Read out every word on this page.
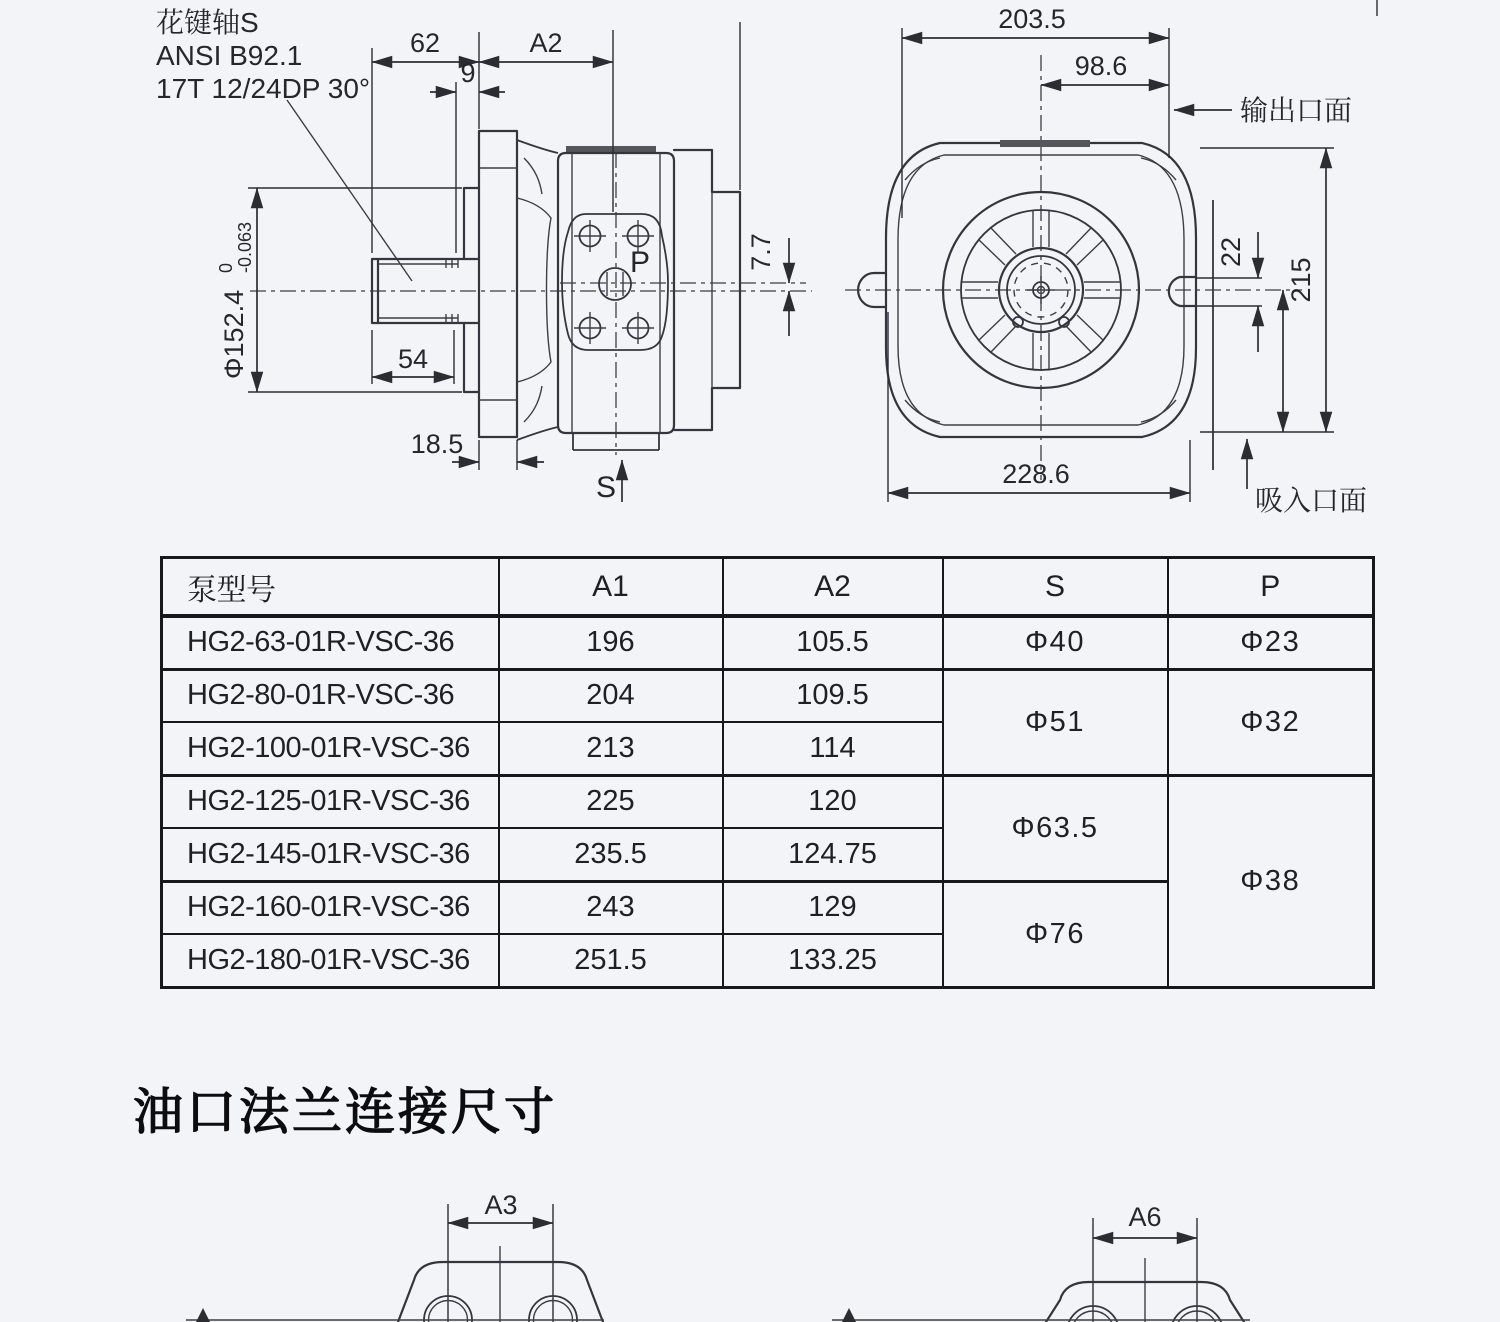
花键轴S
ANSI B92.1
17T 12/24DP 30°
P
S
62	A2
9
Φ152.4 0 -0.063
54
18.5
7.7
203.5
98.6
输出口面
22
215
228.6
吸入口面
泵型号	A1	A2	S	P
HG2-63-01R-VSC-36	196	105.5	Φ40	Φ23
HG2-80-01R-VSC-36	204	109.5	Φ51	Φ32
HG2-100-01R-VSC-36	213	114		
HG2-125-01R-VSC-36	225	120	Φ63.5	Φ38
HG2-145-01R-VSC-36	235.5	124.75		
HG2-160-01R-VSC-36	243	129	Φ76	
HG2-180-01R-VSC-36	251.5	133.25		
油口法兰连接尺寸
A3	A6
